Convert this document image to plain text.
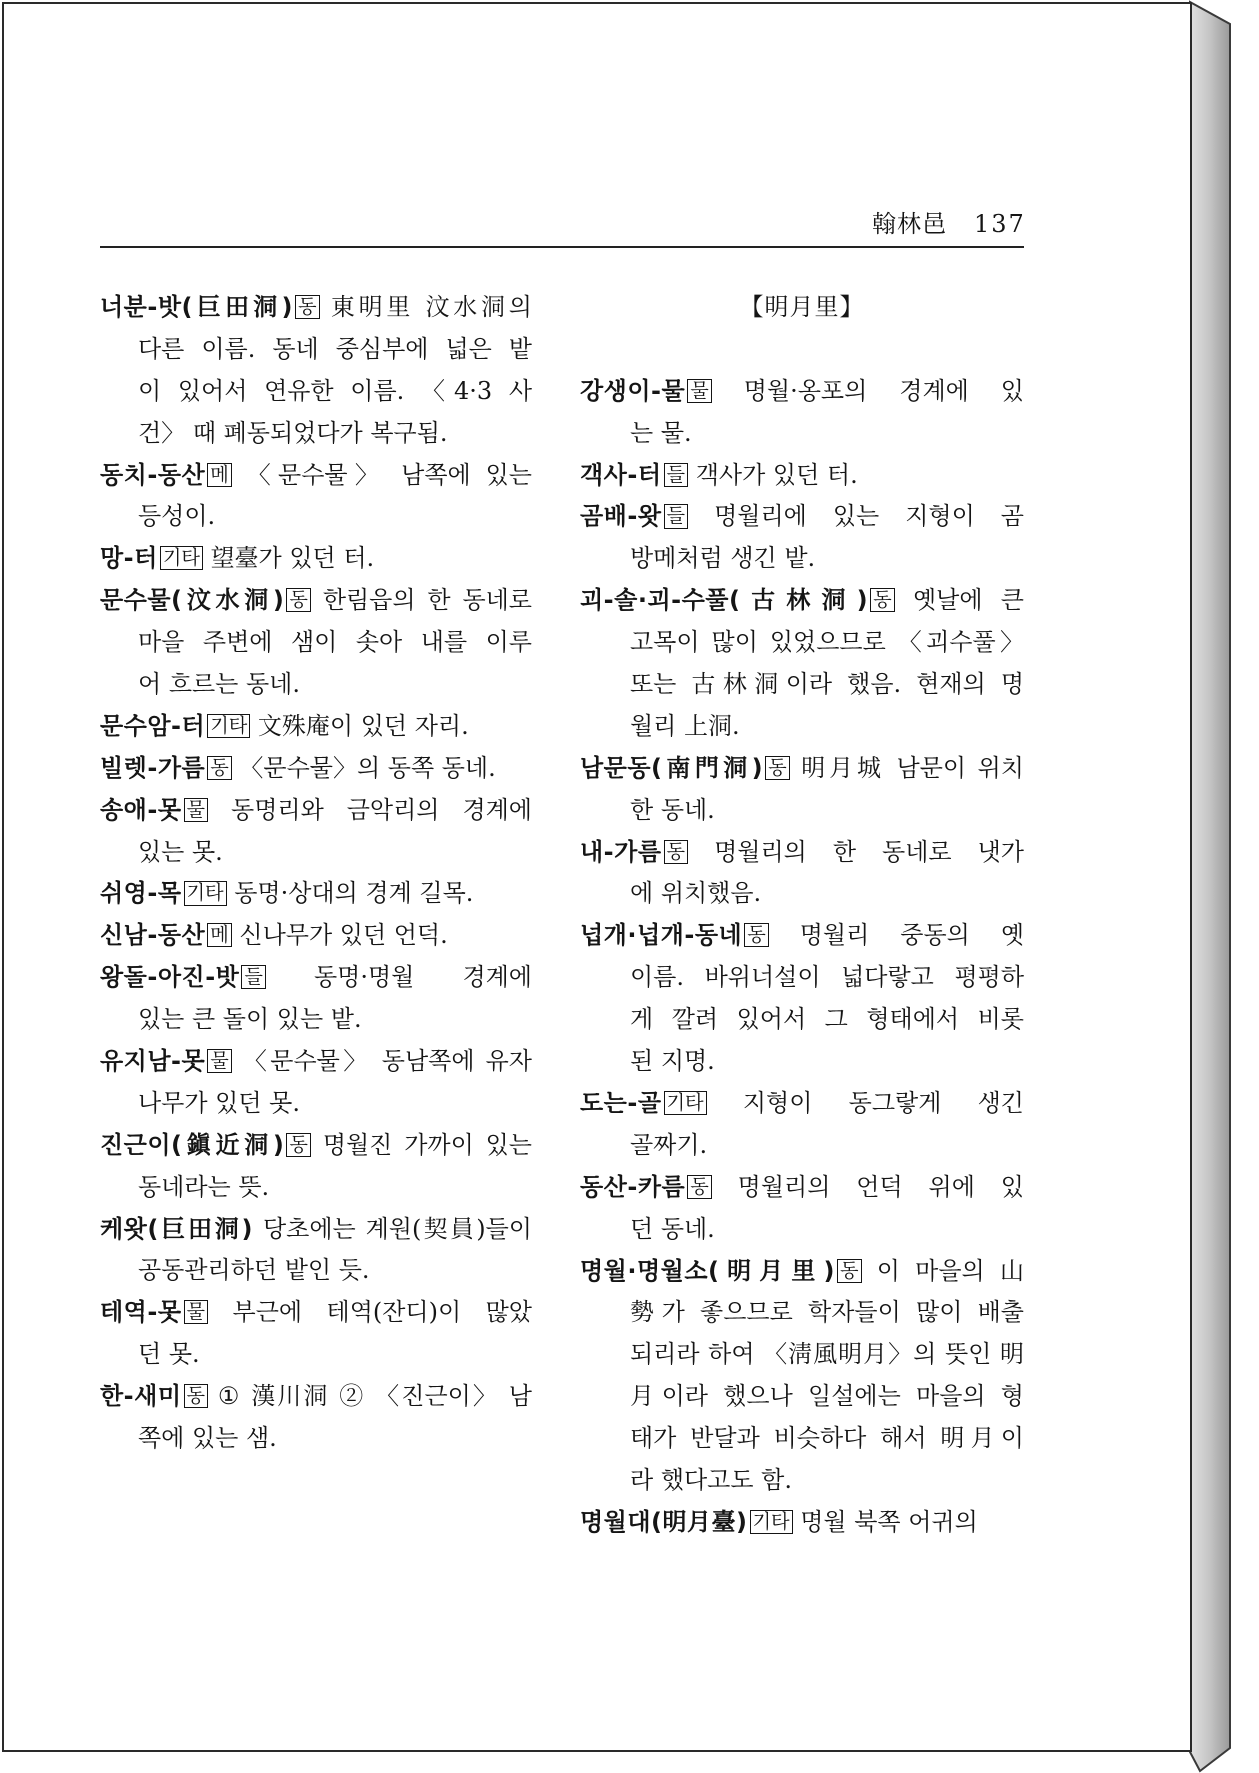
翰林邑 137
너분-밧(巨田洞) 동 東明里 汶水洞의
다른 이름. 동네 중심부에 넓은 밭
이 있어서 연유한 이름. 〈4·3 사
건〉 때 폐동되었다가 복구됨.
동치-동산 메 〈문수물〉 남쪽에 있는
등성이.
망-터 기타 望臺가 있던 터.
문수물(汶水洞) 동 한림읍의 한 동네로
마을 주변에 샘이 솟아 내를 이루
어 흐르는 동네.
문수암-터 기타 文殊庵이 있던 자리.
빌렛-가름 동 〈문수물〉의 동쪽 동네.
송애-못 물 동명리와 금악리의 경계에
있는 못.
쉬영-목 기타 동명·상대의 경계 길목.
신남-동산 메 신나무가 있던 언덕.
왕돌-아진-밧 들 동명·명월 경계에
있는 큰 돌이 있는 밭.
유지남-못 물 〈문수물〉 동남쪽에 유자
나무가 있던 못.
진근이(鎭近洞) 동 명월진 가까이 있는
동네라는 뜻.
케왓(巨田洞) 당초에는 계원(契員)들이
공동관리하던 밭인 듯.
테역-못 물 부근에 테역(잔디)이 많았
던 못.
한-새미 동 ① 漢川洞 ② 〈진근이〉 남
쪽에 있는 샘.
【明月里】
강생이-물 물 명월·옹포의 경계에 있
는 물.
객사-터 들 객사가 있던 터.
곰배-왓 들 명월리에 있는 지형이 곰
방메처럼 생긴 밭.
괴-솔·괴-수풀(古林洞) 동 옛날에 큰
고목이 많이 있었으므로 〈괴수풀〉
또는 古林洞이라 했음. 현재의 명
월리 上洞.
남문동(南門洞) 동 明月城 남문이 위치
한 동네.
내-가름 동 명월리의 한 동네로 냇가
에 위치했음.
넙개·넙개-동네 동 명월리 중동의 옛
이름. 바위너설이 넓다랗고 평평하
게 깔려 있어서 그 형태에서 비롯
된 지명.
도는-골 기타 지형이 동그랗게 생긴
골짜기.
동산-카름 동 명월리의 언덕 위에 있
던 동네.
명월·명월소(明月里) 동 이 마을의 山
勢가 좋으므로 학자들이 많이 배출
되리라 하여 〈淸風明月〉의 뜻인 明
月이라 했으나 일설에는 마을의 형
태가 반달과 비슷하다 해서 明月이
라 했다고도 함.
명월대(明月臺) 기타 명월 북쪽 어귀의
